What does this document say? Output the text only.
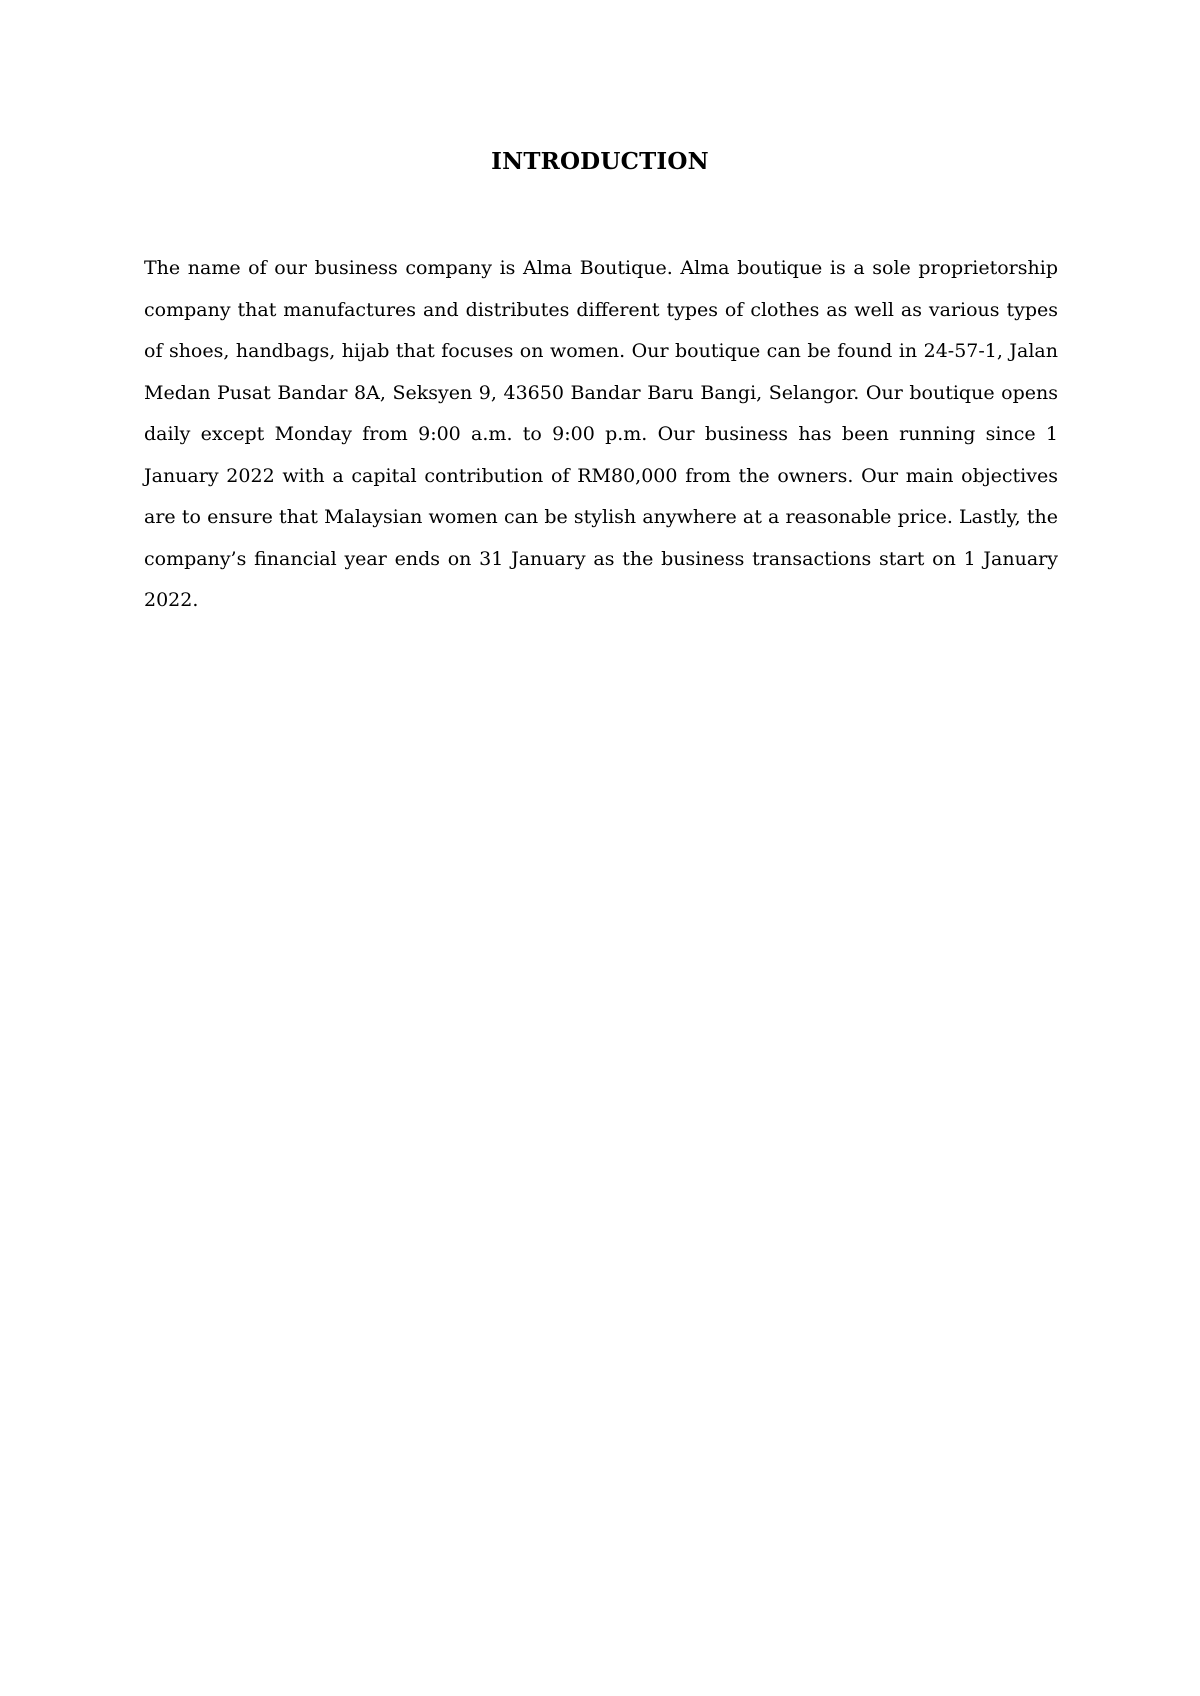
INTRODUCTION

The name of our business company is Alma Boutique. Alma boutique is a sole proprietorship company that manufactures and distributes different types of clothes as well as various types of shoes, handbags, hijab that focuses on women. Our boutique can be found in 24-57-1, Jalan Medan Pusat Bandar 8A, Seksyen 9, 43650 Bandar Baru Bangi, Selangor. Our boutique opens daily except Monday from 9:00 a.m. to 9:00 p.m. Our business has been running since 1 January 2022 with a capital contribution of RM80,000 from the owners. Our main objectives are to ensure that Malaysian women can be stylish anywhere at a reasonable price. Lastly, the company’s financial year ends on 31 January as the business transactions start on 1 January 2022.
